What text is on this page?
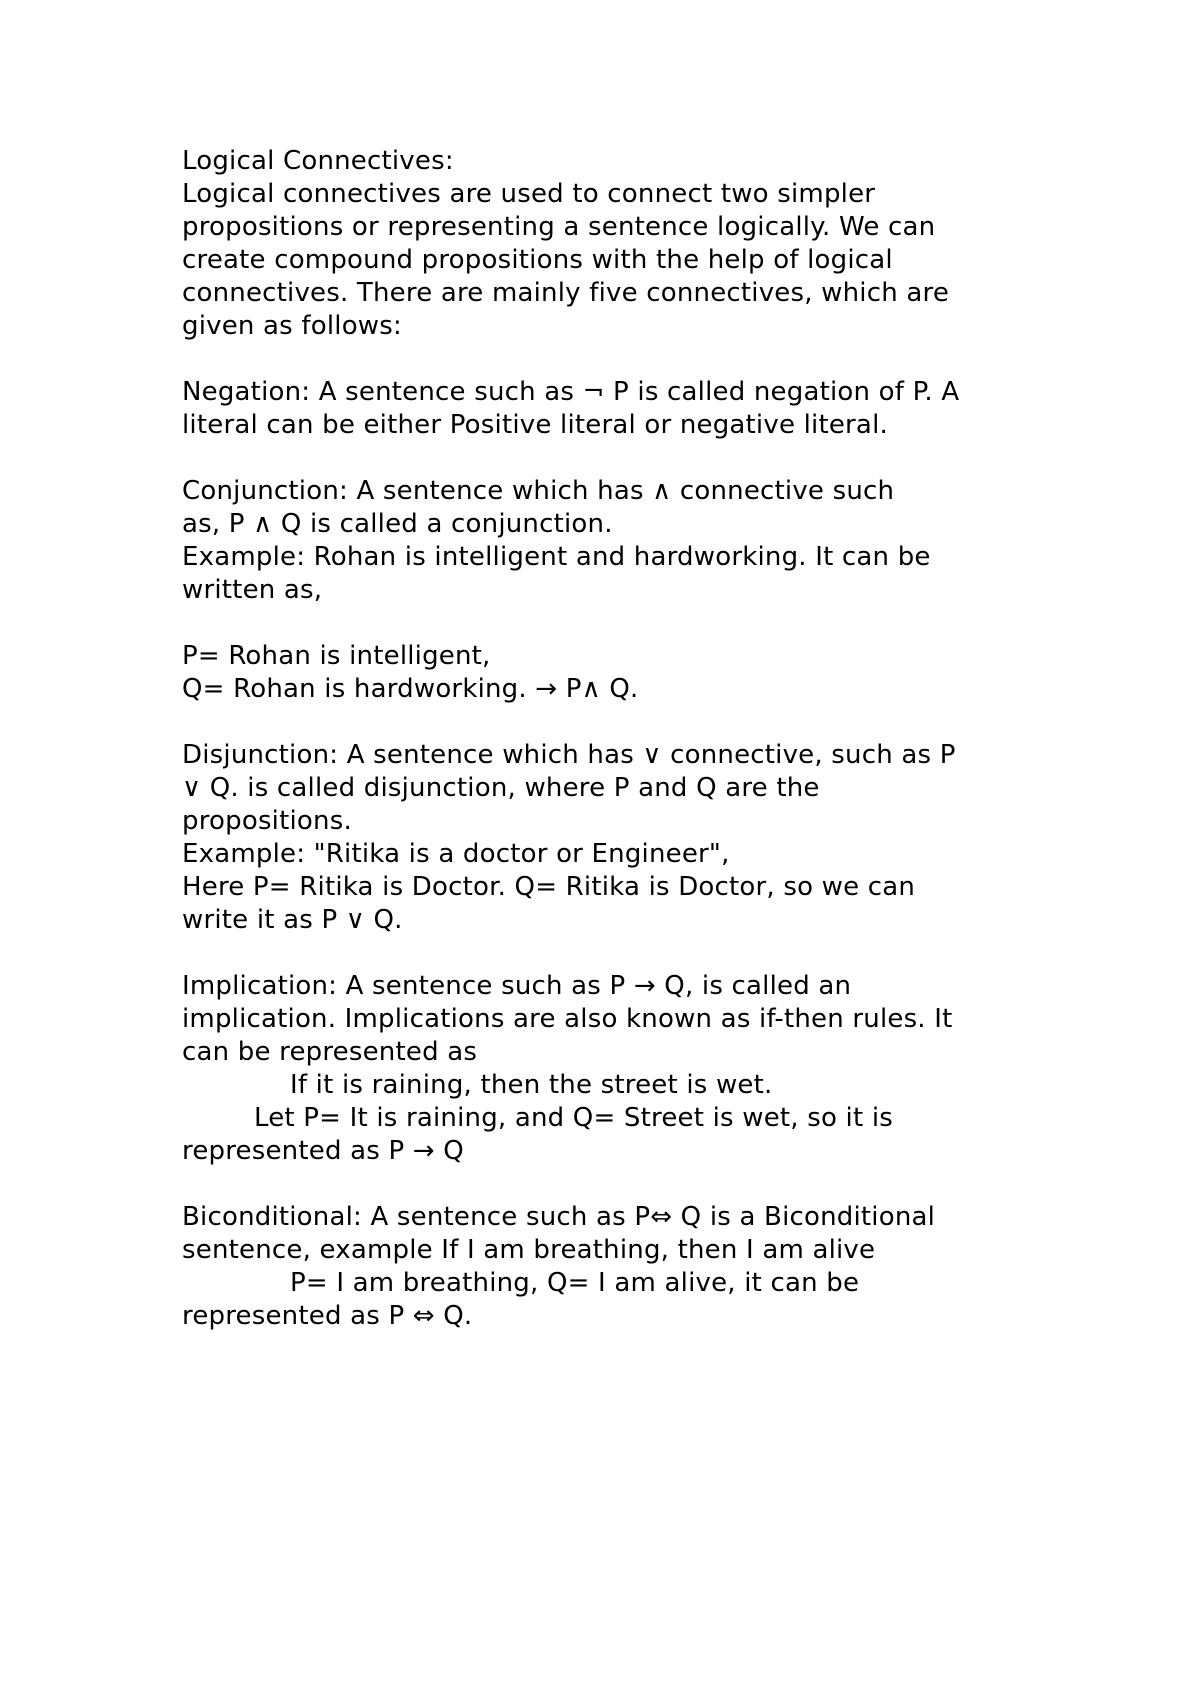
Logical Connectives:
Logical connectives are used to connect two simpler
propositions or representing a sentence logically. We can
create compound propositions with the help of logical
connectives. There are mainly five connectives, which are
given as follows:
Negation: A sentence such as ¬ P is called negation of P. A
literal can be either Positive literal or negative literal.
Conjunction: A sentence which has ∧ connective such
as, P ∧ Q is called a conjunction.
Example: Rohan is intelligent and hardworking. It can be
written as,
P= Rohan is intelligent,
Q= Rohan is hardworking. → P∧ Q.
Disjunction: A sentence which has ∨ connective, such as P
∨ Q. is called disjunction, where P and Q are the
propositions.
Example: "Ritika is a doctor or Engineer",
Here P= Ritika is Doctor. Q= Ritika is Doctor, so we can
write it as P ∨ Q.
Implication: A sentence such as P → Q, is called an
implication. Implications are also known as if-then rules. It
can be represented as
If it is raining, then the street is wet.
Let P= It is raining, and Q= Street is wet, so it is
represented as P → Q
Biconditional: A sentence such as P⇔ Q is a Biconditional
sentence, example If I am breathing, then I am alive
P= I am breathing, Q= I am alive, it can be
represented as P ⇔ Q.
